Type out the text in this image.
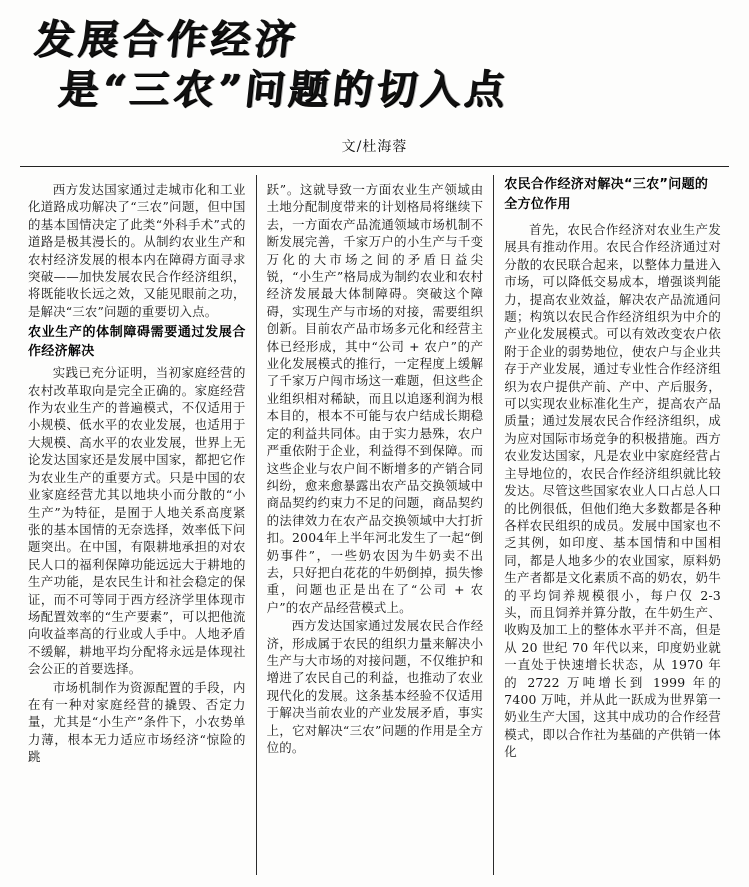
发展合作经济
是“三农”问题的切入点
文/杜海蓉

西方发达国家通过走城市化和工业化道路成功解决了“三农”问题，但中国的基本国情决定了此类“外科手术”式的道路是极其漫长的。从制约农业生产和农村经济发展的根本内在障碍方面寻求突破——加快发展农民合作经济组织，将既能收长远之效，又能见眼前之功，是解决“三农”问题的重要切入点。

农业生产的体制障碍需要通过发展合作经济解决

实践已充分证明，当初家庭经营的农村改革取向是完全正确的。家庭经营作为农业生产的普遍模式，不仅适用于小规模、低水平的农业发展，也适用于大规模、高水平的农业发展，世界上无论发达国家还是发展中国家，都把它作为农业生产的重要方式。只是中国的农业家庭经营尤其以地块小而分散的“小生产”为特征，是囿于人地关系高度紧张的基本国情的无奈选择，效率低下问题突出。在中国，有限耕地承担的对农民人口的福利保障功能远远大于耕地的生产功能，是农民生计和社会稳定的保证，而不可等同于西方经济学里体现市场配置效率的“生产要素”，可以把他流向收益率高的行业或人手中。人地矛盾不缓解，耕地平均分配将永远是体现社会公正的首要选择。

市场机制作为资源配置的手段，内在有一种对家庭经营的撬毁、否定力量，尤其是“小生产”条件下，小农势单力薄，根本无力适应市场经济“惊险的跳

跃”。这就导致一方面农业生产领域由土地分配制度带来的计划格局将继续下去，一方面农产品流通领域市场机制不断发展完善，千家万户的小生产与千变万化的大市场之间的矛盾日益尖锐，“小生产”格局成为制约农业和农村经济发展最大体制障碍。突破这个障碍，实现生产与市场的对接，需要组织创新。目前农产品市场多元化和经营主体已经形成，其中“公司 + 农户”的产业化发展模式的推行，一定程度上缓解了千家万户闯市场这一难题，但这些企业组织相对稀缺，而且以追逐利润为根本目的，根本不可能与农户结成长期稳定的利益共同体。由于实力悬殊，农户严重依附于企业，利益得不到保障。而这些企业与农户间不断增多的产销合同纠纷，愈来愈暴露出农产品交换领域中商品契约约束力不足的问题，商品契约的法律效力在农产品交换领域中大打折扣。2004年上半年河北发生了一起“倒奶事件”，一些奶农因为牛奶卖不出去，只好把白花花的牛奶倒掉，损失惨重，问题也正是出在了“公司 + 农户”的农产品经营模式上。

西方发达国家通过发展农民合作经济，形成属于农民的组织力量来解决小生产与大市场的对接问题，不仅维护和增进了农民自己的利益，也推动了农业现代化的发展。这条基本经验不仅适用于解决当前农业的产业发展矛盾，事实上，它对解决“三农”问题的作用是全方位的。

农民合作经济对解决“三农”问题的全方位作用

首先，农民合作经济对农业生产发展具有推动作用。农民合作经济通过对分散的农民联合起来，以整体力量进入市场，可以降低交易成本，增强谈判能力，提高农业效益，解决农产品流通问题；构筑以农民合作经济组织为中介的产业化发展模式。可以有效改变农户依附于企业的弱势地位，使农户与企业共存于产业发展，通过专业性合作经济组织为农户提供产前、产中、产后服务，可以实现农业标准化生产，提高农产品质量；通过发展农民合作经济组织，成为应对国际市场竞争的积极措施。西方农业发达国家，凡是农业中家庭经营占主导地位的，农民合作经济组织就比较发达。尽管这些国家农业人口占总人口的比例很低，但他们绝大多数都是各种各样农民组织的成员。发展中国家也不乏其例，如印度、基本国情和中国相同，都是人地多少的农业国家，原料奶生产者都是文化素质不高的奶农，奶牛的平均饲养规模很小，每户仅 2-3 头，而且饲养并算分散，在牛奶生产、收购及加工上的整体水平并不高，但是从 20 世纪 70 年代以来，印度奶业就一直处于快速增长状态，从 1970 年的 2722 万吨增长到 1999 年的 7400 万吨，并从此一跃成为世界第一奶业生产大国，这其中成功的合作经营模式，即以合作社为基础的产供销一体化
